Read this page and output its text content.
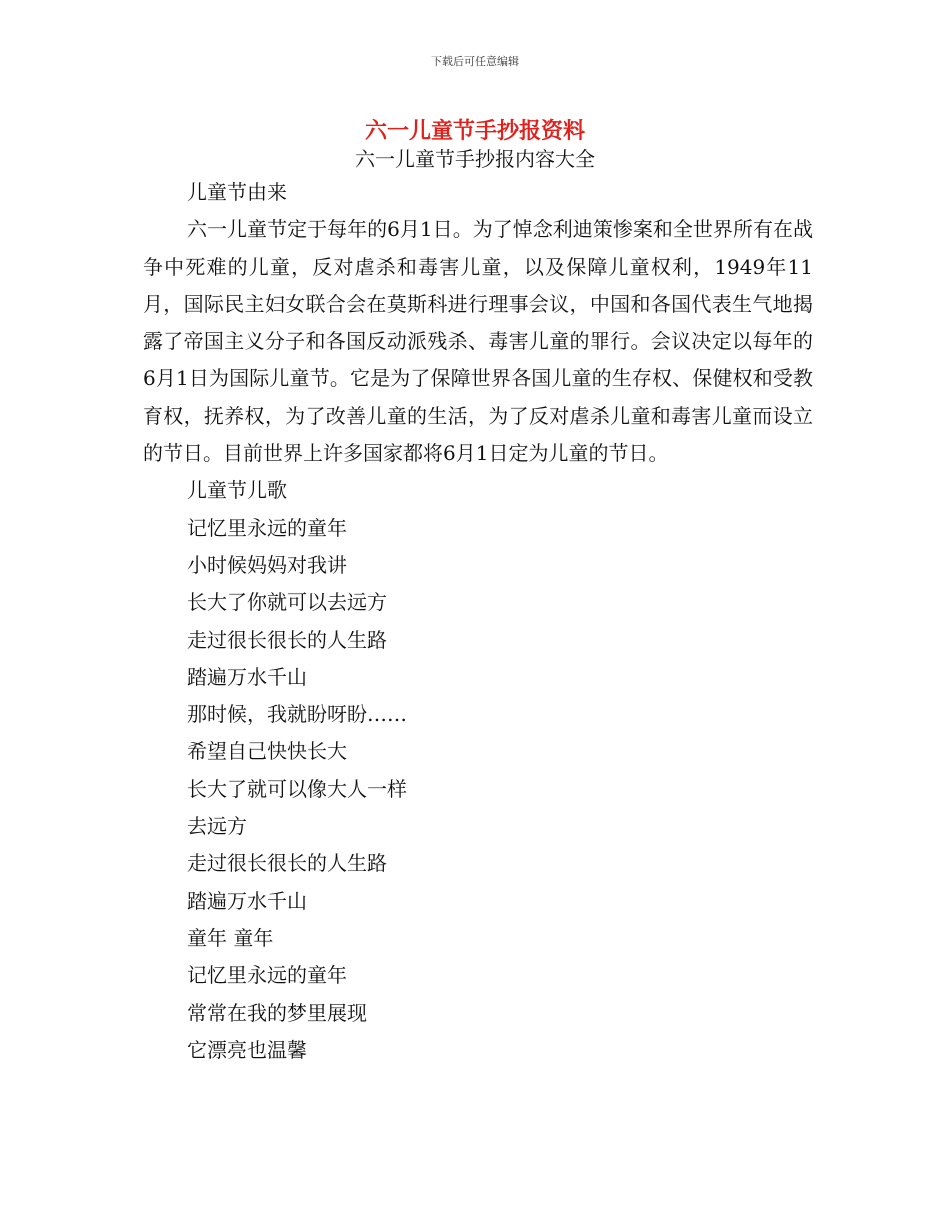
下载后可任意编辑
六一儿童节手抄报资料
六一儿童节手抄报内容大全

儿童节由来

六一儿童节定于每年的6月1日。为了悼念利迪策惨案和全世界所有在战争中死难的儿童，反对虐杀和毒害儿童，以及保障儿童权利，1949年11月，国际民主妇女联合会在莫斯科进行理事会议，中国和各国代表生气地揭露了帝国主义分子和各国反动派残杀、毒害儿童的罪行。会议决定以每年的6月1日为国际儿童节。它是为了保障世界各国儿童的生存权、保健权和受教育权，抚养权，为了改善儿童的生活，为了反对虐杀儿童和毒害儿童而设立的节日。目前世界上许多国家都将6月1日定为儿童的节日。

儿童节儿歌

记忆里永远的童年

小时候妈妈对我讲

长大了你就可以去远方

走过很长很长的人生路

踏遍万水千山

那时候，我就盼呀盼……

希望自己快快长大

长大了就可以像大人一样

去远方

走过很长很长的人生路

踏遍万水千山

童年 童年

记忆里永远的童年

常常在我的梦里展现

它漂亮也温馨
